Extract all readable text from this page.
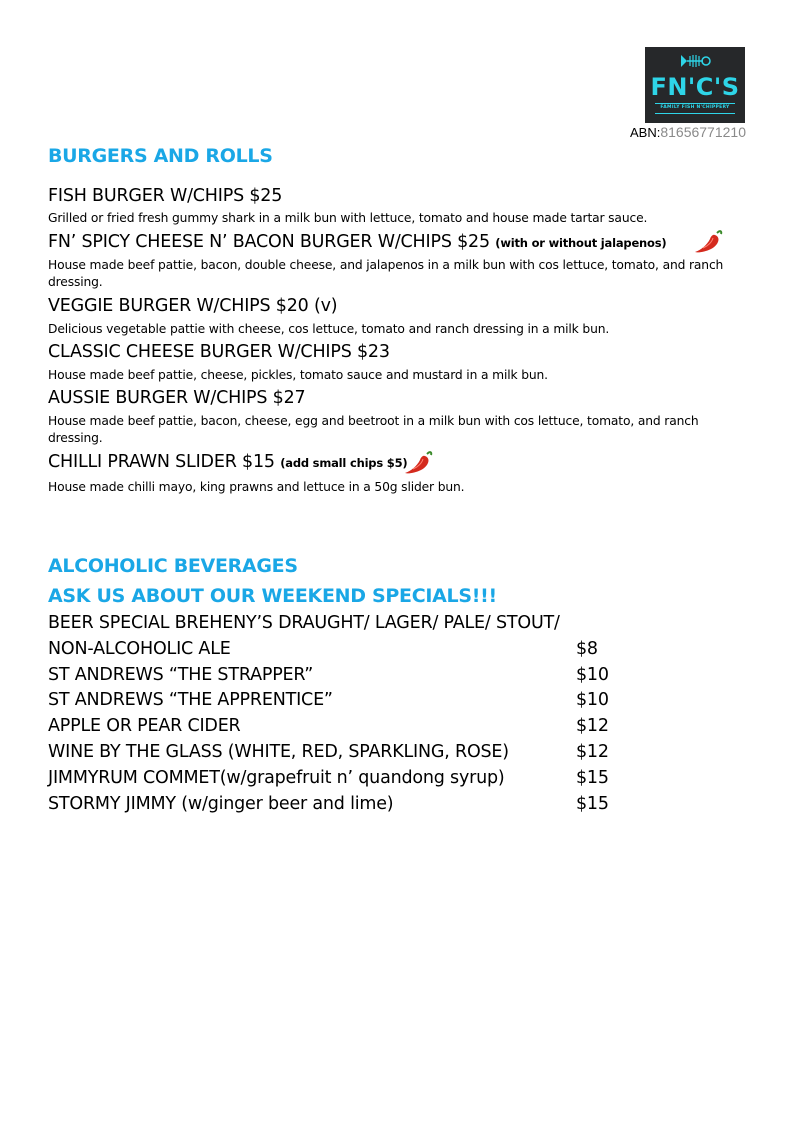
FN'C'S
FAMILY FISH N'CHIPPERY
ABN:81656771210
BURGERS AND ROLLS
FISH BURGER W/CHIPS $25
Grilled or fried fresh gummy shark in a milk bun with lettuce, tomato and house made tartar sauce.
FN’ SPICY CHEESE N’ BACON BURGER W/CHIPS $25 (with or without jalapenos)
House made beef pattie, bacon, double cheese, and jalapenos in a milk bun with cos lettuce, tomato, and ranch dressing.
VEGGIE BURGER W/CHIPS $20 (v)
Delicious vegetable pattie with cheese, cos lettuce, tomato and ranch dressing in a milk bun.
CLASSIC CHEESE BURGER W/CHIPS $23
House made beef pattie, cheese, pickles, tomato sauce and mustard in a milk bun.
AUSSIE BURGER W/CHIPS $27
House made beef pattie, bacon, cheese, egg and beetroot in a milk bun with cos lettuce, tomato, and ranch dressing.
CHILLI PRAWN SLIDER $15 (add small chips $5)
House made chilli mayo, king prawns and lettuce in a 50g slider bun.
ALCOHOLIC BEVERAGES
ASK US ABOUT OUR WEEKEND SPECIALS!!!
BEER SPECIAL BREHENY’S DRAUGHT/ LAGER/ PALE/ STOUT/
NON-ALCOHOLIC ALE	$8
ST ANDREWS “THE STRAPPER”	$10
ST ANDREWS “THE APPRENTICE”	$10
APPLE OR PEAR CIDER	$12
WINE BY THE GLASS (WHITE, RED, SPARKLING, ROSE)	$12
JIMMYRUM COMMET(w/grapefruit n’ quandong syrup)	$15
STORMY JIMMY (w/ginger beer and lime)	$15
